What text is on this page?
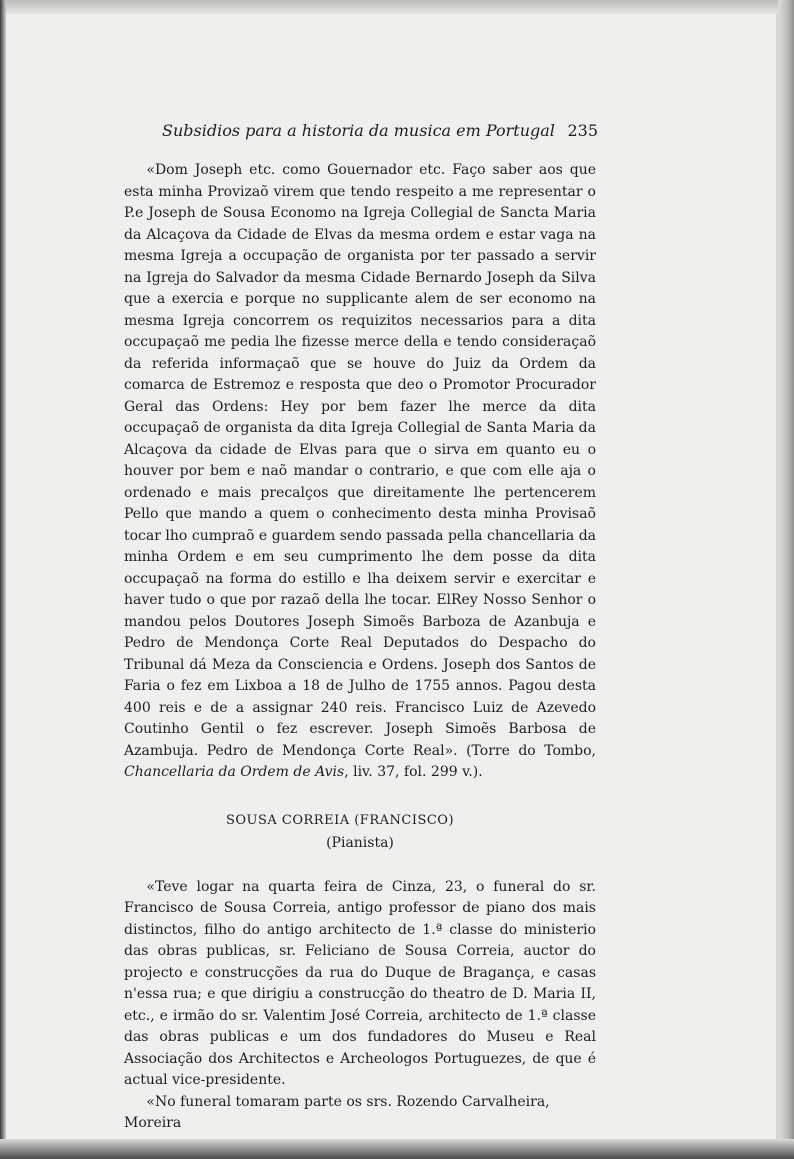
Subsidios para a historia da musica em Portugal 235

«Dom Joseph etc. como Gouernador etc. Faço saber aos que esta minha Provizaõ virem que tendo respeito a me representar o P.e Joseph de Sousa Economo na Igreja Collegial de Sancta Maria da Alcaçova da Cidade de Elvas da mesma ordem e estar vaga na mesma Igreja a occupação de organista por ter passado a servir na Igreja do Salvador da mesma Cidade Bernardo Joseph da Silva que a exercia e porque no supplicante alem de ser economo na mesma Igreja concorrem os requizitos necessarios para a dita occupaçaõ me pedia lhe fizesse merce della e tendo consideraçaõ da referida informaçaõ que se houve do Juiz da Ordem da comarca de Estremoz e resposta que deo o Promotor Procurador Geral das Ordens: Hey por bem fazer lhe merce da dita occupaçaõ de organista da dita Igreja Collegial de Santa Maria da Alcaçova da cidade de Elvas para que o sirva em quanto eu o houver por bem e naõ mandar o contrario, e que com elle aja o ordenado e mais precalços que direitamente lhe pertencerem Pello que mando a quem o conhecimento desta minha Provisaõ tocar lho cumpraõ e guardem sendo passada pella chancellaria da minha Ordem e em seu cumprimento lhe dem posse da dita occupaçaõ na forma do estillo e lha deixem servir e exercitar e haver tudo o que por razaõ della lhe tocar. ElRey Nosso Senhor o mandou pelos Doutores Joseph Simoẽs Barboza de Azanbuja e Pedro de Mendonça Corte Real Deputados do Despacho do Tribunal dá Meza da Consciencia e Ordens. Joseph dos Santos de Faria o fez em Lixboa a 18 de Julho de 1755 annos. Pagou desta 400 reis e de a assignar 240 reis. Francisco Luiz de Azevedo Coutinho Gentil o fez escrever. Joseph Simoẽs Barbosa de Azambuja. Pedro de Mendonça Corte Real». (Torre do Tombo, Chancellaria da Ordem de Avis, liv. 37, fol. 299 v.).

SOUSA CORREIA (FRANCISCO)
(Pianista)

«Teve logar na quarta feira de Cinza, 23, o funeral do sr. Francisco de Sousa Correia, antigo professor de piano dos mais distinctos, filho do antigo architecto de 1.ª classe do ministerio das obras publicas, sr. Feliciano de Sousa Correia, auctor do projecto e construcções da rua do Duque de Bragança, e casas n'essa rua; e que dirigiu a construcção do theatro de D. Maria II, etc., e irmão do sr. Valentim José Correia, architecto de 1.ª classe das obras publicas e um dos fundadores do Museu e Real Associação dos Architectos e Archeologos Portuguezes, de que é actual vice-presidente.

«No funeral tomaram parte os srs. Rozendo Carvalheira, Moreira
